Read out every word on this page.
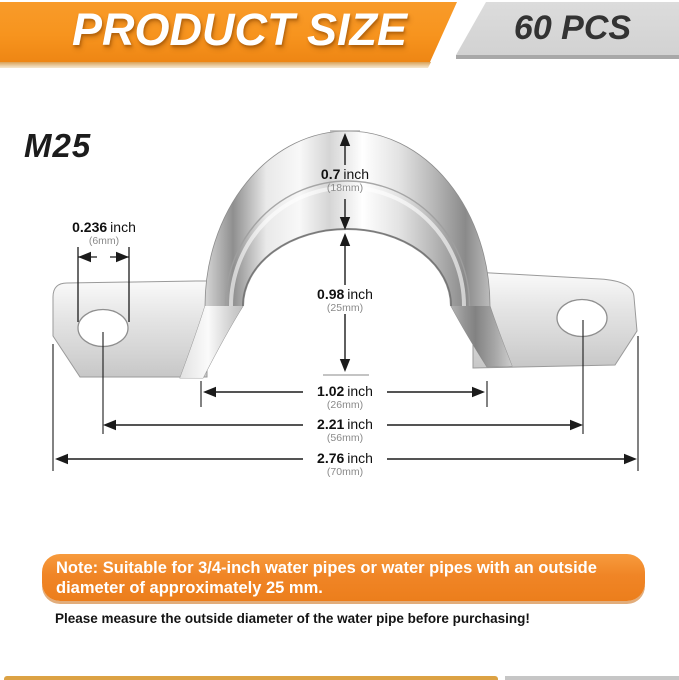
PRODUCT SIZE	60 PCS
M25
0.7 inch
(18mm)
0.236 inch
(6mm)
0.98 inch
(25mm)
1.02 inch
(26mm)
2.21 inch
(56mm)
2.76 inch
(70mm)
Note: Suitable for 3/4-inch water pipes or water pipes with an outside diameter of approximately 25 mm.
Please measure the outside diameter of the water pipe before purchasing!
